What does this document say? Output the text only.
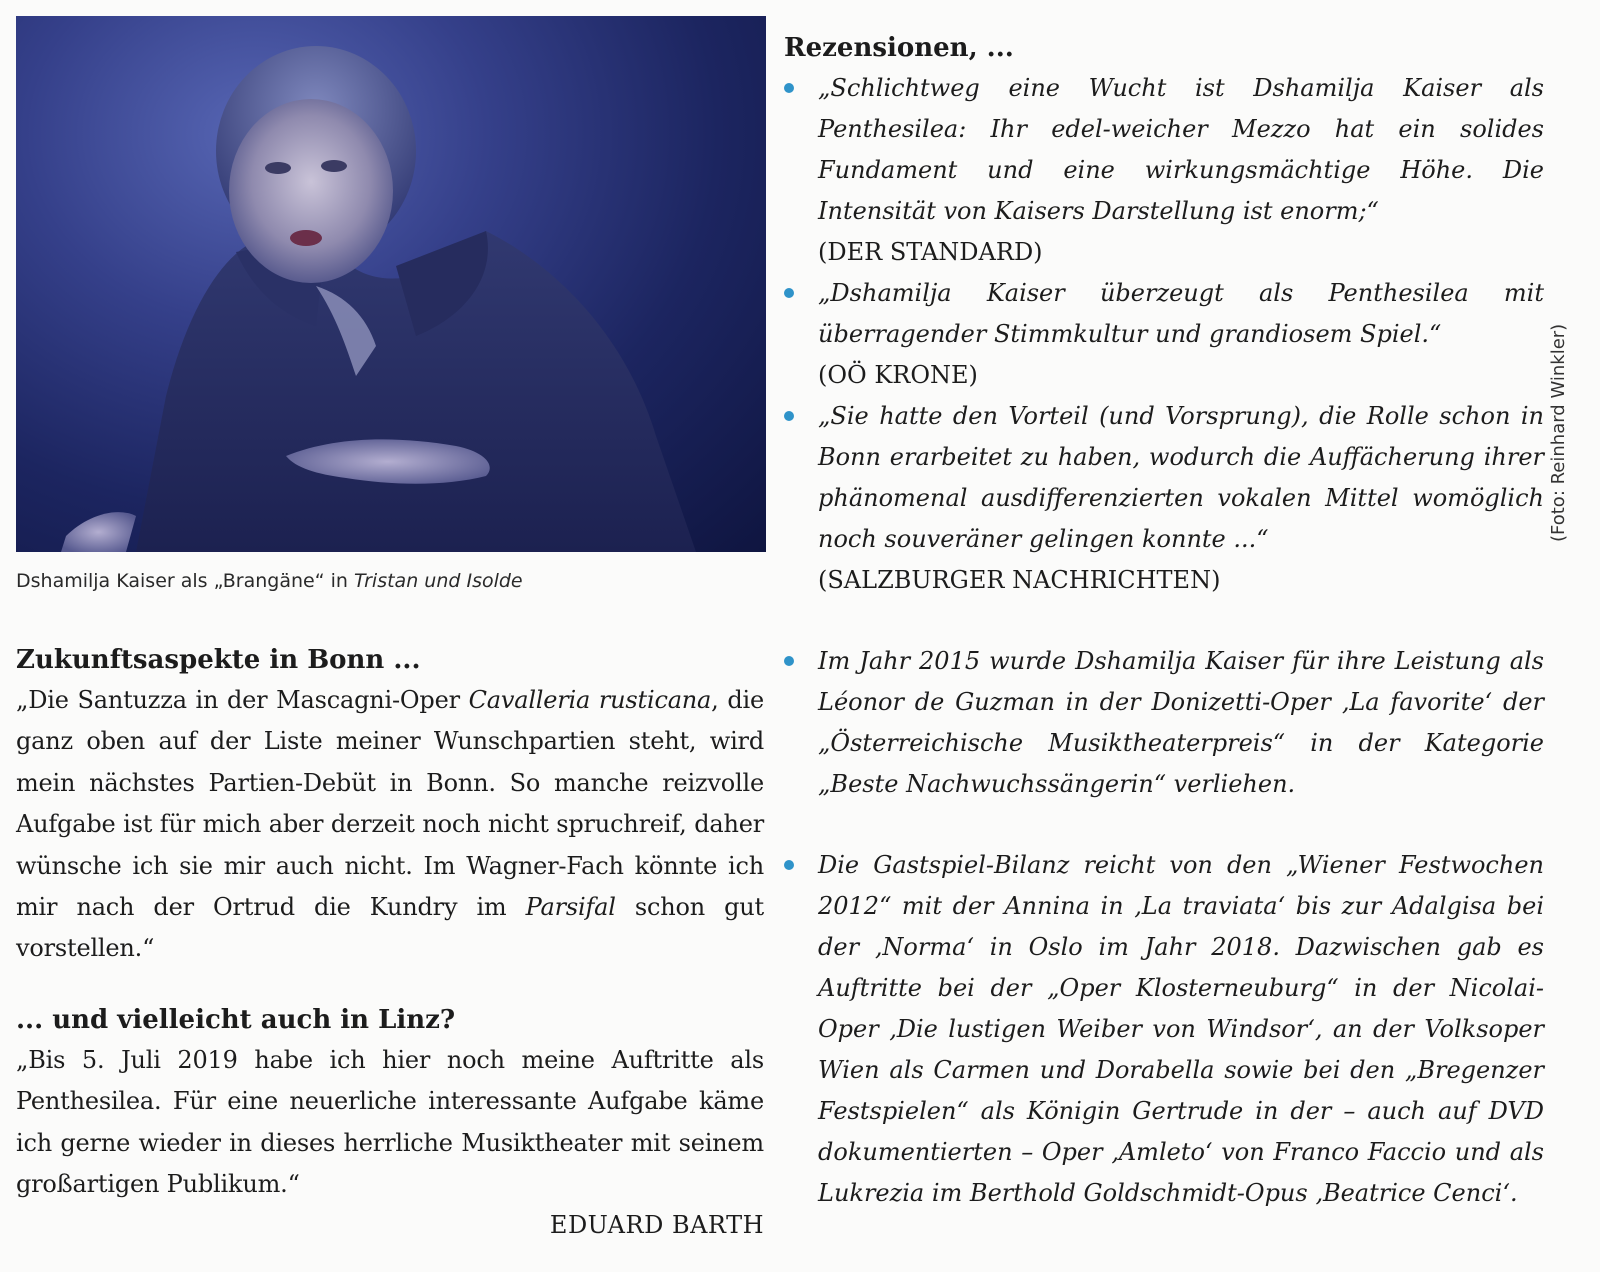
Dshamilja Kaiser als „Brangäne“ in Tristan und Isolde
Zukunftsaspekte in Bonn ...

„Die Santuzza in der Mascagni-Oper Cavalleria rusticana, die ganz oben auf der Liste meiner Wunschpartien steht, wird mein nächstes Partien-Debüt in Bonn. So manche reizvolle Aufgabe ist für mich aber derzeit noch nicht spruchreif, daher wünsche ich sie mir auch nicht. Im Wagner-Fach könnte ich mir nach der Ortrud die Kundry im Parsifal schon gut vorstellen.“

... und vielleicht auch in Linz?

„Bis 5. Juli 2019 habe ich hier noch meine Auftritte als Penthesilea. Für eine neuerliche interessante Aufgabe käme ich gerne wieder in dieses herrliche Musiktheater mit seinem großartigen Publikum.“

EDUARD BARTH

Rezensionen, ...

„Schlichtweg eine Wucht ist Dshamilja Kaiser als Penthesilea: Ihr edel-weicher Mezzo hat ein solides Fundament und eine wirkungsmächtige Höhe. Die Intensität von Kaisers Darstellung ist enorm;“

(DER STANDARD)

„Dshamilja Kaiser überzeugt als Penthesilea mit überragender Stimmkultur und grandiosem Spiel.“

(OÖ KRONE)

„Sie hatte den Vorteil (und Vorsprung), die Rolle schon in Bonn erarbeitet zu haben, wodurch die Auffächerung ihrer phänomenal ausdifferenzierten vokalen Mittel womöglich noch souveräner gelingen konnte ...“

(SALZBURGER NACHRICHTEN)

Im Jahr 2015 wurde Dshamilja Kaiser für ihre Leistung als Léonor de Guzman in der Donizetti-Oper ‚La favorite‘ der „Österreichische Musiktheaterpreis“ in der Kategorie „Beste Nachwuchssängerin“ verliehen.

Die Gastspiel-Bilanz reicht von den „Wiener Festwochen 2012“ mit der Annina in ‚La traviata‘ bis zur Adalgisa bei der ‚Norma‘ in Oslo im Jahr 2018. Dazwischen gab es Auftritte bei der „Oper Klosterneuburg“ in der Nicolai-Oper ‚Die lustigen Weiber von Windsor‘, an der Volksoper Wien als Carmen und Dorabella sowie bei den „Bregenzer Festspielen“ als Königin Gertrude in der – auch auf DVD dokumentierten – Oper ‚Amleto‘ von Franco Faccio und als Lukrezia im Berthold Goldschmidt-Opus ‚Beatrice Cenci‘.

(Foto: Reinhard Winkler)
